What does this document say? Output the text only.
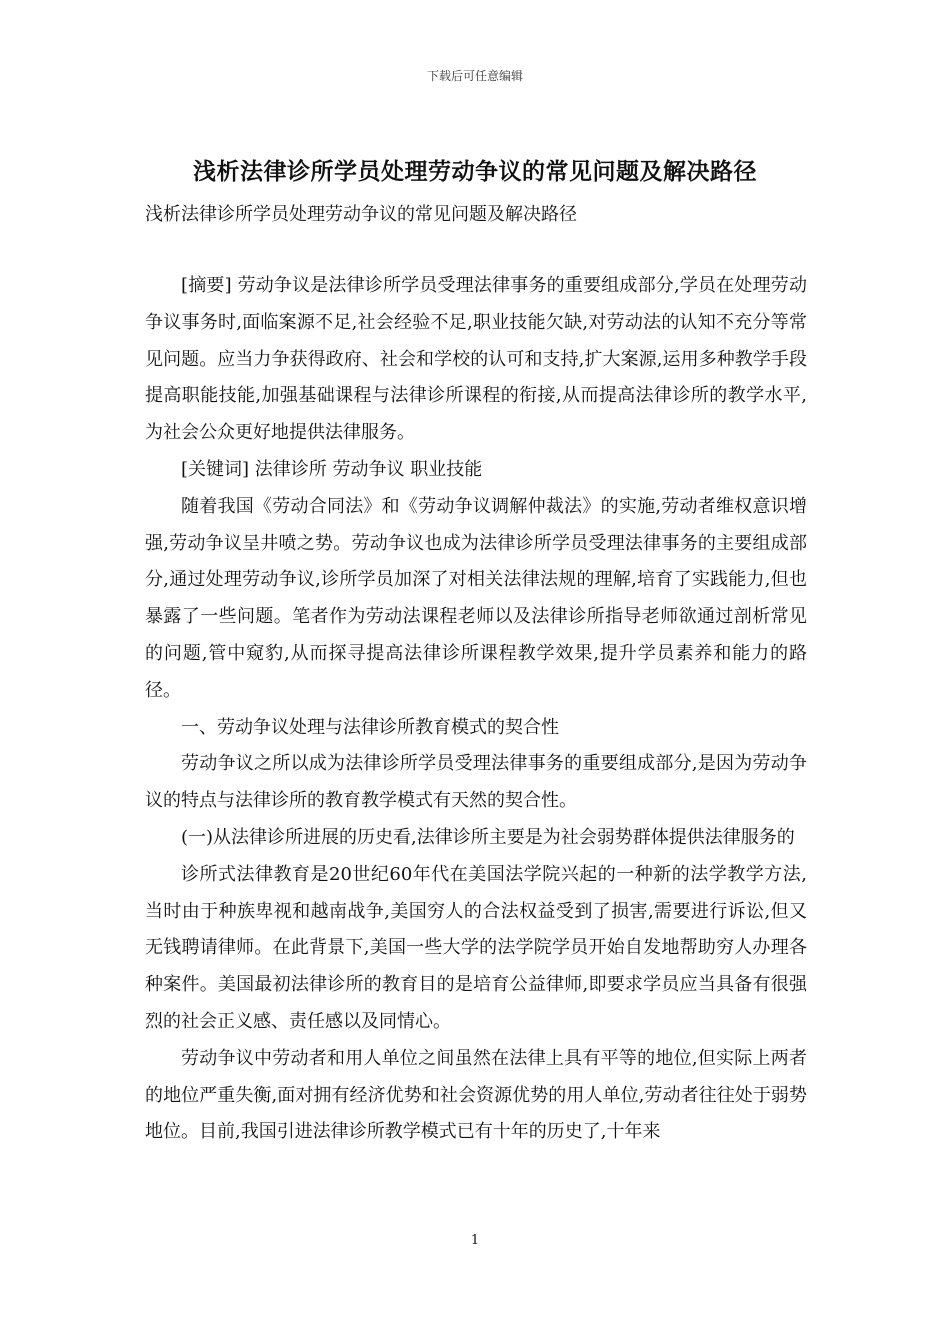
下载后可任意编辑
浅析法律诊所学员处理劳动争议的常见问题及解决路径
浅析法律诊所学员处理劳动争议的常见问题及解决路径

[摘要] 劳动争议是法律诊所学员受理法律事务的重要组成部分,学员在处理劳动争议事务时,面临案源不足,社会经验不足,职业技能欠缺,对劳动法的认知不充分等常见问题。应当力争获得政府、社会和学校的认可和支持,扩大案源,运用多种教学手段提高职能技能,加强基础课程与法律诊所课程的衔接,从而提高法律诊所的教学水平,为社会公众更好地提供法律服务。

[关键词] 法律诊所 劳动争议 职业技能

随着我国《劳动合同法》和《劳动争议调解仲裁法》的实施,劳动者维权意识增强,劳动争议呈井喷之势。劳动争议也成为法律诊所学员受理法律事务的主要组成部分,通过处理劳动争议,诊所学员加深了对相关法律法规的理解,培育了实践能力,但也暴露了一些问题。笔者作为劳动法课程老师以及法律诊所指导老师欲通过剖析常见的问题,管中窥豹,从而探寻提高法律诊所课程教学效果,提升学员素养和能力的路径。

一、劳动争议处理与法律诊所教育模式的契合性

劳动争议之所以成为法律诊所学员受理法律事务的重要组成部分,是因为劳动争议的特点与法律诊所的教育教学模式有天然的契合性。

(一)从法律诊所进展的历史看,法律诊所主要是为社会弱势群体提供法律服务的

诊所式法律教育是20世纪60年代在美国法学院兴起的一种新的法学教学方法,当时由于种族卑视和越南战争,美国穷人的合法权益受到了损害,需要进行诉讼,但又无钱聘请律师。在此背景下,美国一些大学的法学院学员开始自发地帮助穷人办理各种案件。美国最初法律诊所的教育目的是培育公益律师,即要求学员应当具备有很强烈的社会正义感、责任感以及同情心。

劳动争议中劳动者和用人单位之间虽然在法律上具有平等的地位,但实际上两者的地位严重失衡,面对拥有经济优势和社会资源优势的用人单位,劳动者往往处于弱势地位。目前,我国引进法律诊所教学模式已有十年的历史了,十年来

1
